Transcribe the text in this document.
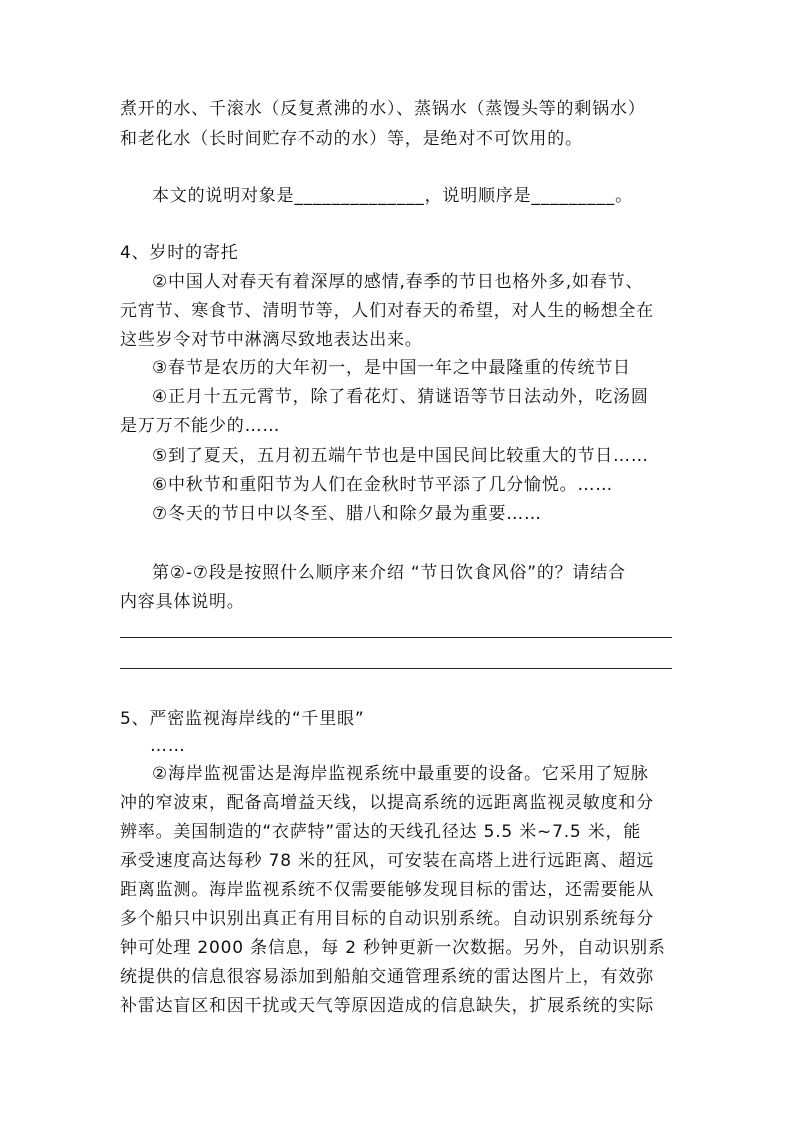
煮开的水、千滚水（反复煮沸的水）、蒸锅水（蒸馒头等的剩锅水）
和老化水（长时间贮存不动的水）等，是绝对不可饮用的。
本文的说明对象是______________，说明顺序是_________。
4、岁时的寄托
②中国人对春天有着深厚的感情,春季的节日也格外多,如春节、
元宵节、寒食节、清明节等，人们对春天的希望，对人生的畅想全在
这些岁令对节中淋漓尽致地表达出来。
③春节是农历的大年初一，是中国一年之中最隆重的传统节日
④正月十五元霄节，除了看花灯、猜谜语等节日法动外，吃汤圆
是万万不能少的……
⑤到了夏天，五月初五端午节也是中国民间比较重大的节日……
⑥中秋节和重阳节为人们在金秋时节平添了几分愉悦。……
⑦冬天的节日中以冬至、腊八和除夕最为重要……
第②-⑦段是按照什么顺序来介绍 “节日饮食风俗”的？请结合
内容具体说明。
5、严密监视海岸线的“千里眼”
……
②海岸监视雷达是海岸监视系统中最重要的设备。它采用了短脉
冲的窄波束，配备高增益天线，以提高系统的远距离监视灵敏度和分
辨率。美国制造的“衣萨特”雷达的天线孔径达 5.5 米~7.5 米，能
承受速度高达每秒 78 米的狂风，可安装在高塔上进行远距离、超远
距离监测。海岸监视系统不仅需要能够发现目标的雷达，还需要能从
多个船只中识别出真正有用目标的自动识别系统。自动识别系统每分
钟可处理 2000 条信息，每 2 秒钟更新一次数据。另外，自动识别系
统提供的信息很容易添加到船舶交通管理系统的雷达图片上，有效弥
补雷达盲区和因干扰或天气等原因造成的信息缺失，扩展系统的实际
